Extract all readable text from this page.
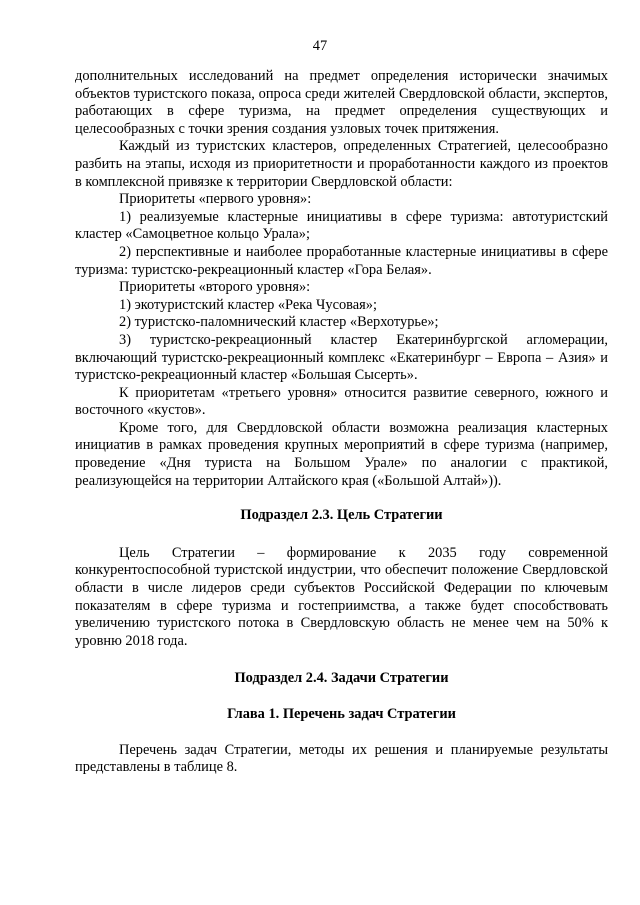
47

дополнительных исследований на предмет определения исторически значимых объектов туристского показа, опроса среди жителей Свердловской области, экспертов, работающих в сфере туризма, на предмет определения существующих и целесообразных с точки зрения создания узловых точек притяжения.

Каждый из туристских кластеров, определенных Стратегией, целесообразно разбить на этапы, исходя из приоритетности и проработанности каждого из проектов в комплексной привязке к территории Свердловской области:

Приоритеты «первого уровня»:

1) реализуемые кластерные инициативы в сфере туризма: автотуристский кластер «Самоцветное кольцо Урала»;

2) перспективные и наиболее проработанные кластерные инициативы в сфере туризма: туристско-рекреационный кластер «Гора Белая».

Приоритеты «второго уровня»:

1) экотуристский кластер «Река Чусовая»;

2) туристско-паломнический кластер «Верхотурье»;

3) туристско-рекреационный кластер Екатеринбургской агломерации, включающий туристско-рекреационный комплекс «Екатеринбург – Европа – Азия» и туристско-рекреационный кластер «Большая Сысерть».

К приоритетам «третьего уровня» относится развитие северного, южного и восточного «кустов».

Кроме того, для Свердловской области возможна реализация кластерных инициатив в рамках проведения крупных мероприятий в сфере туризма (например, проведение «Дня туриста на Большом Урале» по аналогии с практикой, реализующейся на территории Алтайского края («Большой Алтай»)).

Подраздел 2.3. Цель Стратегии

Цель Стратегии – формирование к 2035 году современной конкурентоспособной туристской индустрии, что обеспечит положение Свердловской области в числе лидеров среди субъектов Российской Федерации по ключевым показателям в сфере туризма и гостеприимства, а также будет способствовать увеличению туристского потока в Свердловскую область не менее чем на 50% к уровню 2018 года.

Подраздел 2.4. Задачи Стратегии

Глава 1. Перечень задач Стратегии

Перечень задач Стратегии, методы их решения и планируемые результаты представлены в таблице 8.
